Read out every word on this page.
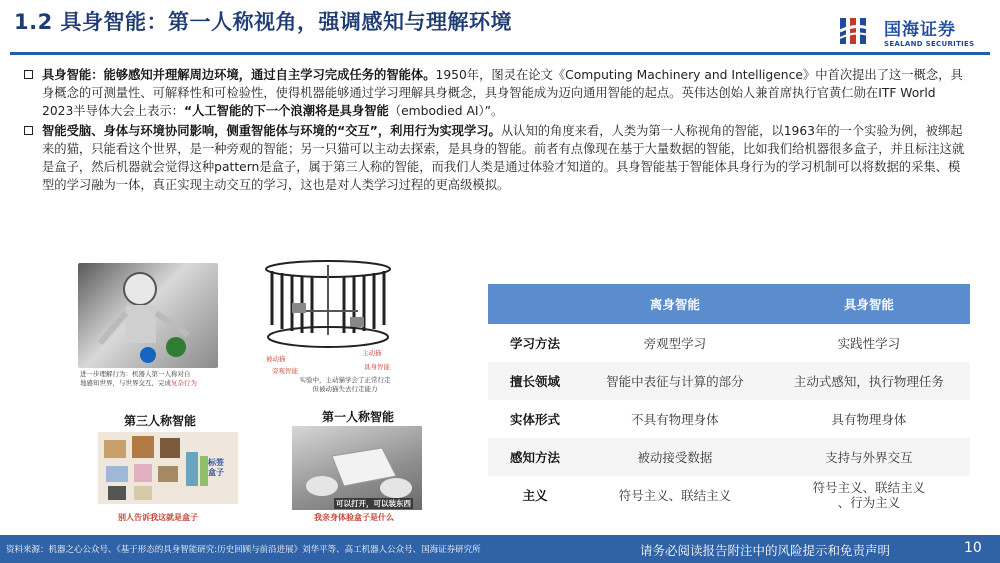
1.2 具身智能：第一人称视角，强调感知与理解环境	国海证券
SEALAND SECURITIES
具身智能：能够感知并理解周边环境，通过自主学习完成任务的智能体。1950年，图灵在论文《Computing Machinery and Intelligence》中首次提出了这一概念，具身概念的可测量性、可解释性和可检验性，使得机器能够通过学习理解具身概念，具身智能成为迈向通用智能的起点。英伟达创始人兼首席执行官黄仁勋在ITF World 2023半导体大会上表示：“人工智能的下一个浪潮将是具身智能（embodied AI）”。
智能受脑、身体与环境协同影响，侧重智能体与环境的“交互”，利用行为实现学习。从认知的角度来看，人类为第一人称视角的智能，以1963年的一个实验为例，被绑起来的猫，只能看这个世界，是一种旁观的智能；另一只猫可以主动去探索，是具身的智能。前者有点像现在基于大量数据的智能，比如我们给机器很多盒子，并且标注这就是盒子，然后机器就会觉得这种pattern是盒子，属于第三人称的智能，而我们人类是通过体验才知道的。具身智能基于智能体具身行为的学习机制可以将数据的采集、模型的学习融为一体，真正实现主动交互的学习，这也是对人类学习过程的更高级模拟。
进一步理解行为：机器人第一人称对自
地感知世界，与世界交互，完成复杂行为
被动猫
主动猫
旁观智能	具身智能
实验中，主动猫学会了正常行走
但被动猫失去行走能力
第三人称智能
标签
盒子
别人告诉我这就是盒子
第一人称智能
可以打开，可以装东西
我亲身体验盒子是什么
	离身智能	具身智能
学习方法	旁观型学习	实践性学习
擅长领域	智能中表征与计算的部分	主动式感知，执行物理任务
实体形式	不具有物理身体	具有物理身体
感知方法	被动接受数据	支持与外界交互
主义	符号主义、联结主义	符号主义、联结主义
、行为主义
资料来源：机器之心公众号、《基于形态的具身智能研究:历史回顾与前沿进展》刘华平等、高工机器人公众号、国海证券研究所	请务必阅读报告附注中的风险提示和免责声明	10
